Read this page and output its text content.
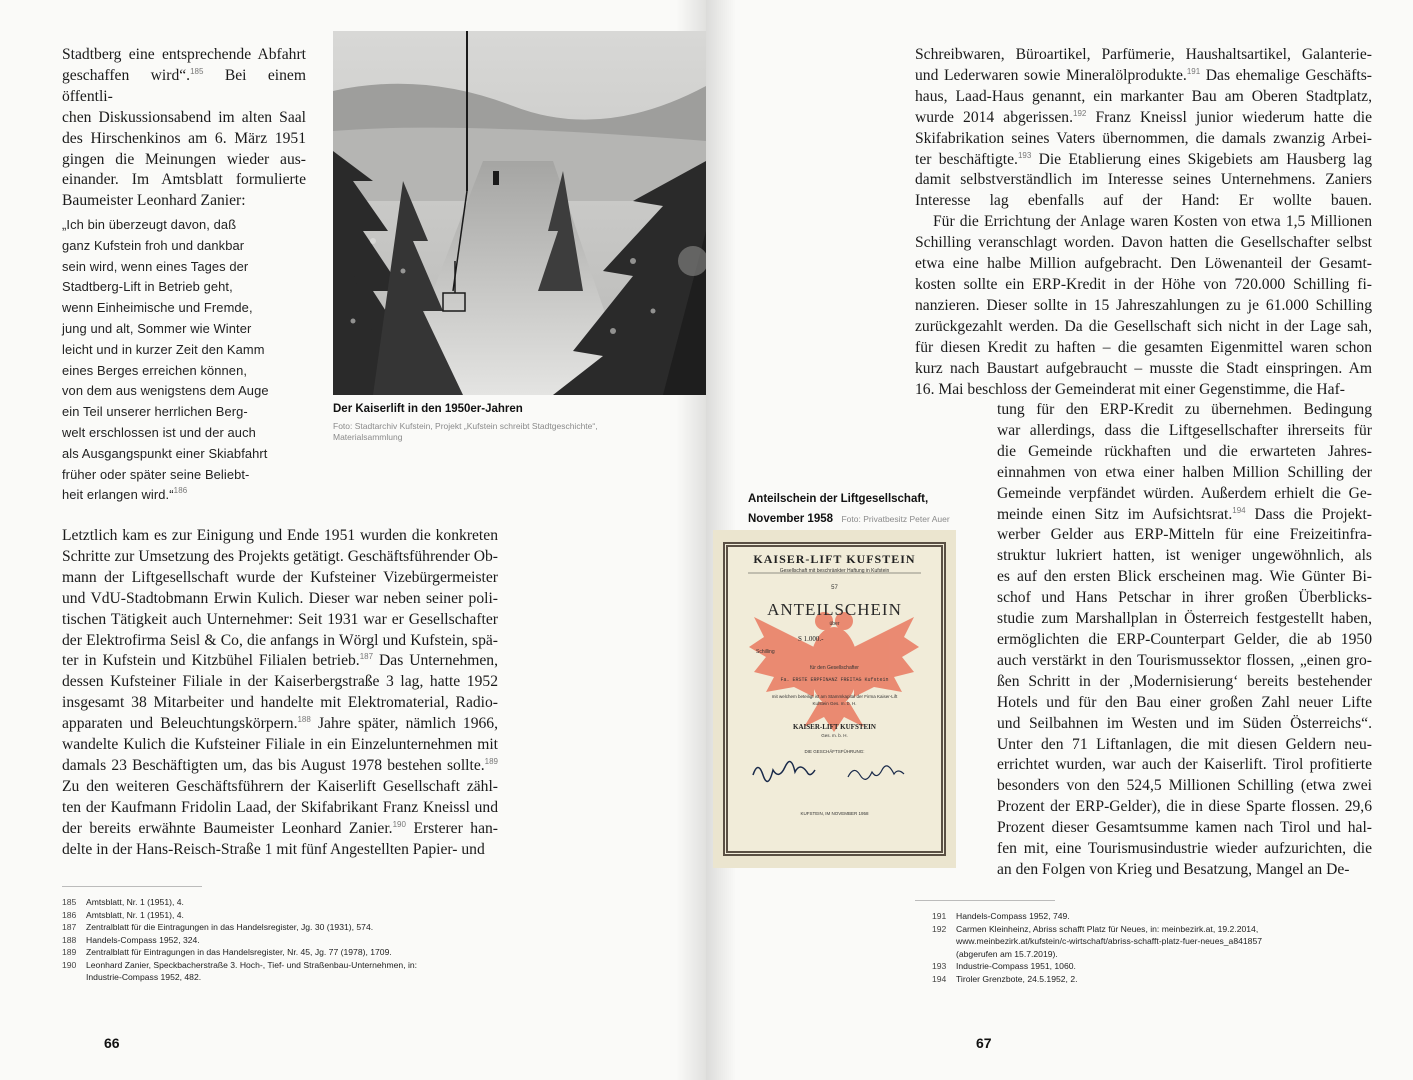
Stadtberg eine entsprechende Abfahrt
geschaffen wird“.$^{185}$ Bei einem öffentli-
chen Diskussionsabend im alten Saal
des Hirschenkinos am 6. März 1951
gingen die Meinungen wieder aus-
einander. Im Amtsblatt formulierte
Baumeister Leonhard Zanier:

„Ich bin überzeugt davon, daß

ganz Kufstein froh und dankbar

sein wird, wenn eines Tages der

Stadtberg-Lift in Betrieb geht,

wenn Einheimische und Fremde,

jung und alt, Sommer wie Winter

leicht und in kurzer Zeit den Kamm

eines Berges erreichen können,

von dem aus wenigstens dem Auge

ein Teil unserer herrlichen Berg-

welt erschlossen ist und der auch

als Ausgangspunkt einer Skiabfahrt

früher oder später seine Beliebt-

heit erlangen wird.“$^{186}$

Der Kaiserlift in den 1950er-Jahren
Foto: Stadtarchiv Kufstein, Projekt „Kufstein schreibt Stadtgeschichte“, Materialsammlung
Letztlich kam es zur Einigung und Ende 1951 wurden die konkreten
Schritte zur Umsetzung des Projekts getätigt. Geschäftsführender Ob-
mann der Liftgesellschaft wurde der Kufsteiner Vizebürgermeister
und VdU-Stadtobmann Erwin Kulich. Dieser war neben seiner poli-
tischen Tätigkeit auch Unternehmer: Seit 1931 war er Gesellschafter
der Elektrofirma Seisl & Co, die anfangs in Wörgl und Kufstein, spä-
ter in Kufstein und Kitzbühel Filialen betrieb.$^{187}$ Das Unternehmen,
dessen Kufsteiner Filiale in der Kaiserbergstraße 3 lag, hatte 1952
insgesamt 38 Mitarbeiter und handelte mit Elektromaterial, Radio-
apparaten und Beleuchtungskörpern.$^{188}$ Jahre später, nämlich 1966,
wandelte Kulich die Kufsteiner Filiale in ein Einzelunternehmen mit
damals 23 Beschäftigten um, das bis August 1978 bestehen sollte.$^{189}$
Zu den weiteren Geschäftsführern der Kaiserlift Gesellschaft zähl-
ten der Kaufmann Fridolin Laad, der Skifabrikant Franz Kneissl und
der bereits erwähnte Baumeister Leonhard Zanier.$^{190}$ Ersterer han-
delte in der Hans-Reisch-Straße 1 mit fünf Angestellten Papier- und
185	Amtsblatt, Nr. 1 (1951), 4.
186	Amtsblatt, Nr. 1 (1951), 4.
187	Zentralblatt für die Eintragungen in das Handelsregister, Jg. 30 (1931), 574.
188	Handels-Compass 1952, 324.
189	Zentralblatt für Eintragungen in das Handelsregister, Nr. 45, Jg. 77 (1978), 1709.
190	Leonhard Zanier, Speckbacherstraße 3. Hoch-, Tief- und Straßenbau-Unternehmen, in:
Industrie-Compass 1952, 482.
66	67
Schreibwaren, Büroartikel, Parfümerie, Haushaltsartikel, Galanterie-
und Lederwaren sowie Mineralölprodukte.$^{191}$ Das ehemalige Geschäfts-
haus, Laad-Haus genannt, ein markanter Bau am Oberen Stadtplatz,
wurde 2014 abgerissen.$^{192}$ Franz Kneissl junior wiederum hatte die
Skifabrikation seines Vaters übernommen, die damals zwanzig Arbei-
ter beschäftigte.$^{193}$ Die Etablierung eines Skigebiets am Hausberg lag
damit selbstverständlich im Interesse seines Unternehmens. Zaniers
Interesse lag ebenfalls auf der Hand: Er wollte bauen.
Für die Errichtung der Anlage waren Kosten von etwa 1,5 Millionen
Schilling veranschlagt worden. Davon hatten die Gesellschafter selbst
etwa eine halbe Million aufgebracht. Den Löwenanteil der Gesamt-
kosten sollte ein ERP-Kredit in der Höhe von 720.000 Schilling fi-
nanzieren. Dieser sollte in 15 Jahreszahlungen zu je 61.000 Schilling
zurückgezahlt werden. Da die Gesellschaft sich nicht in der Lage sah,
für diesen Kredit zu haften – die gesamten Eigenmittel waren schon
kurz nach Baustart aufgebraucht – musste die Stadt einspringen. Am
16. Mai beschloss der Gemeinderat mit einer Gegenstimme, die Haf-
tung für den ERP-Kredit zu übernehmen. Bedingung
war allerdings, dass die Liftgesellschafter ihrerseits für
die Gemeinde rückhaften und die erwarteten Jahres-
einnahmen von etwa einer halben Million Schilling der
Gemeinde verpfändet würden. Außerdem erhielt die Ge-
meinde einen Sitz im Aufsichtsrat.$^{194}$ Dass die Projekt-
werber Gelder aus ERP-Mitteln für eine Freizeitinfra-
struktur lukriert hatten, ist weniger ungewöhnlich, als
es auf den ersten Blick erscheinen mag. Wie Günter Bi-
schof und Hans Petschar in ihrer großen Überblicks-
studie zum Marshallplan in Österreich festgestellt haben,
ermöglichten die ERP-Counterpart Gelder, die ab 1950
auch verstärkt in den Tourismussektor flossen, „einen gro-
ßen Schritt in der ‚Modernisierung‘ bereits bestehender
Hotels und für den Bau einer großen Zahl neuer Lifte
und Seilbahnen im Westen und im Süden Österreichs“.
Unter den 71 Liftanlagen, die mit diesen Geldern neu-
errichtet wurden, war auch der Kaiserlift. Tirol profitierte
besonders von den 524,5 Millionen Schilling (etwa zwei
Prozent der ERP-Gelder), die in diese Sparte flossen. 29,6
Prozent dieser Gesamtsumme kamen nach Tirol und hal-
fen mit, eine Tourismusindustrie wieder aufzurichten, die
an den Folgen von Krieg und Besatzung, Mangel an De-
Anteilschein der Liftgesellschaft,
November 1958 Foto: Privatbesitz Peter Auer
KAISER-LIFT KUFSTEIN
Gesellschaft mit beschränkter Haftung in Kufstein
57
ANTEILSCHEIN
über
S 1.000.-
Schilling
für den Gesellschafter
Fa. ERSTE ERPFINANZ FREITAG Kufstein
mit welchem beteiligt ist am Stammkapital der Firma Kaiser-Lift Kufstein Ges. m. b. H.
KAISER-LIFT KUFSTEIN
Ges. m. b. H.
DIE GESCHÄFTSFÜHRUNG:
KUFSTEIN, IM NOVEMBER 1958
191	Handels-Compass 1952, 749.
192	Carmen Kleinheinz, Abriss schafft Platz für Neues, in: meinbezirk.at, 19.2.2014,
www.meinbezirk.at/kufstein/c-wirtschaft/abriss-schafft-platz-fuer-neues_a841857
(abgerufen am 15.7.2019).
193	Industrie-Compass 1951, 1060.
194	Tiroler Grenzbote, 24.5.1952, 2.
